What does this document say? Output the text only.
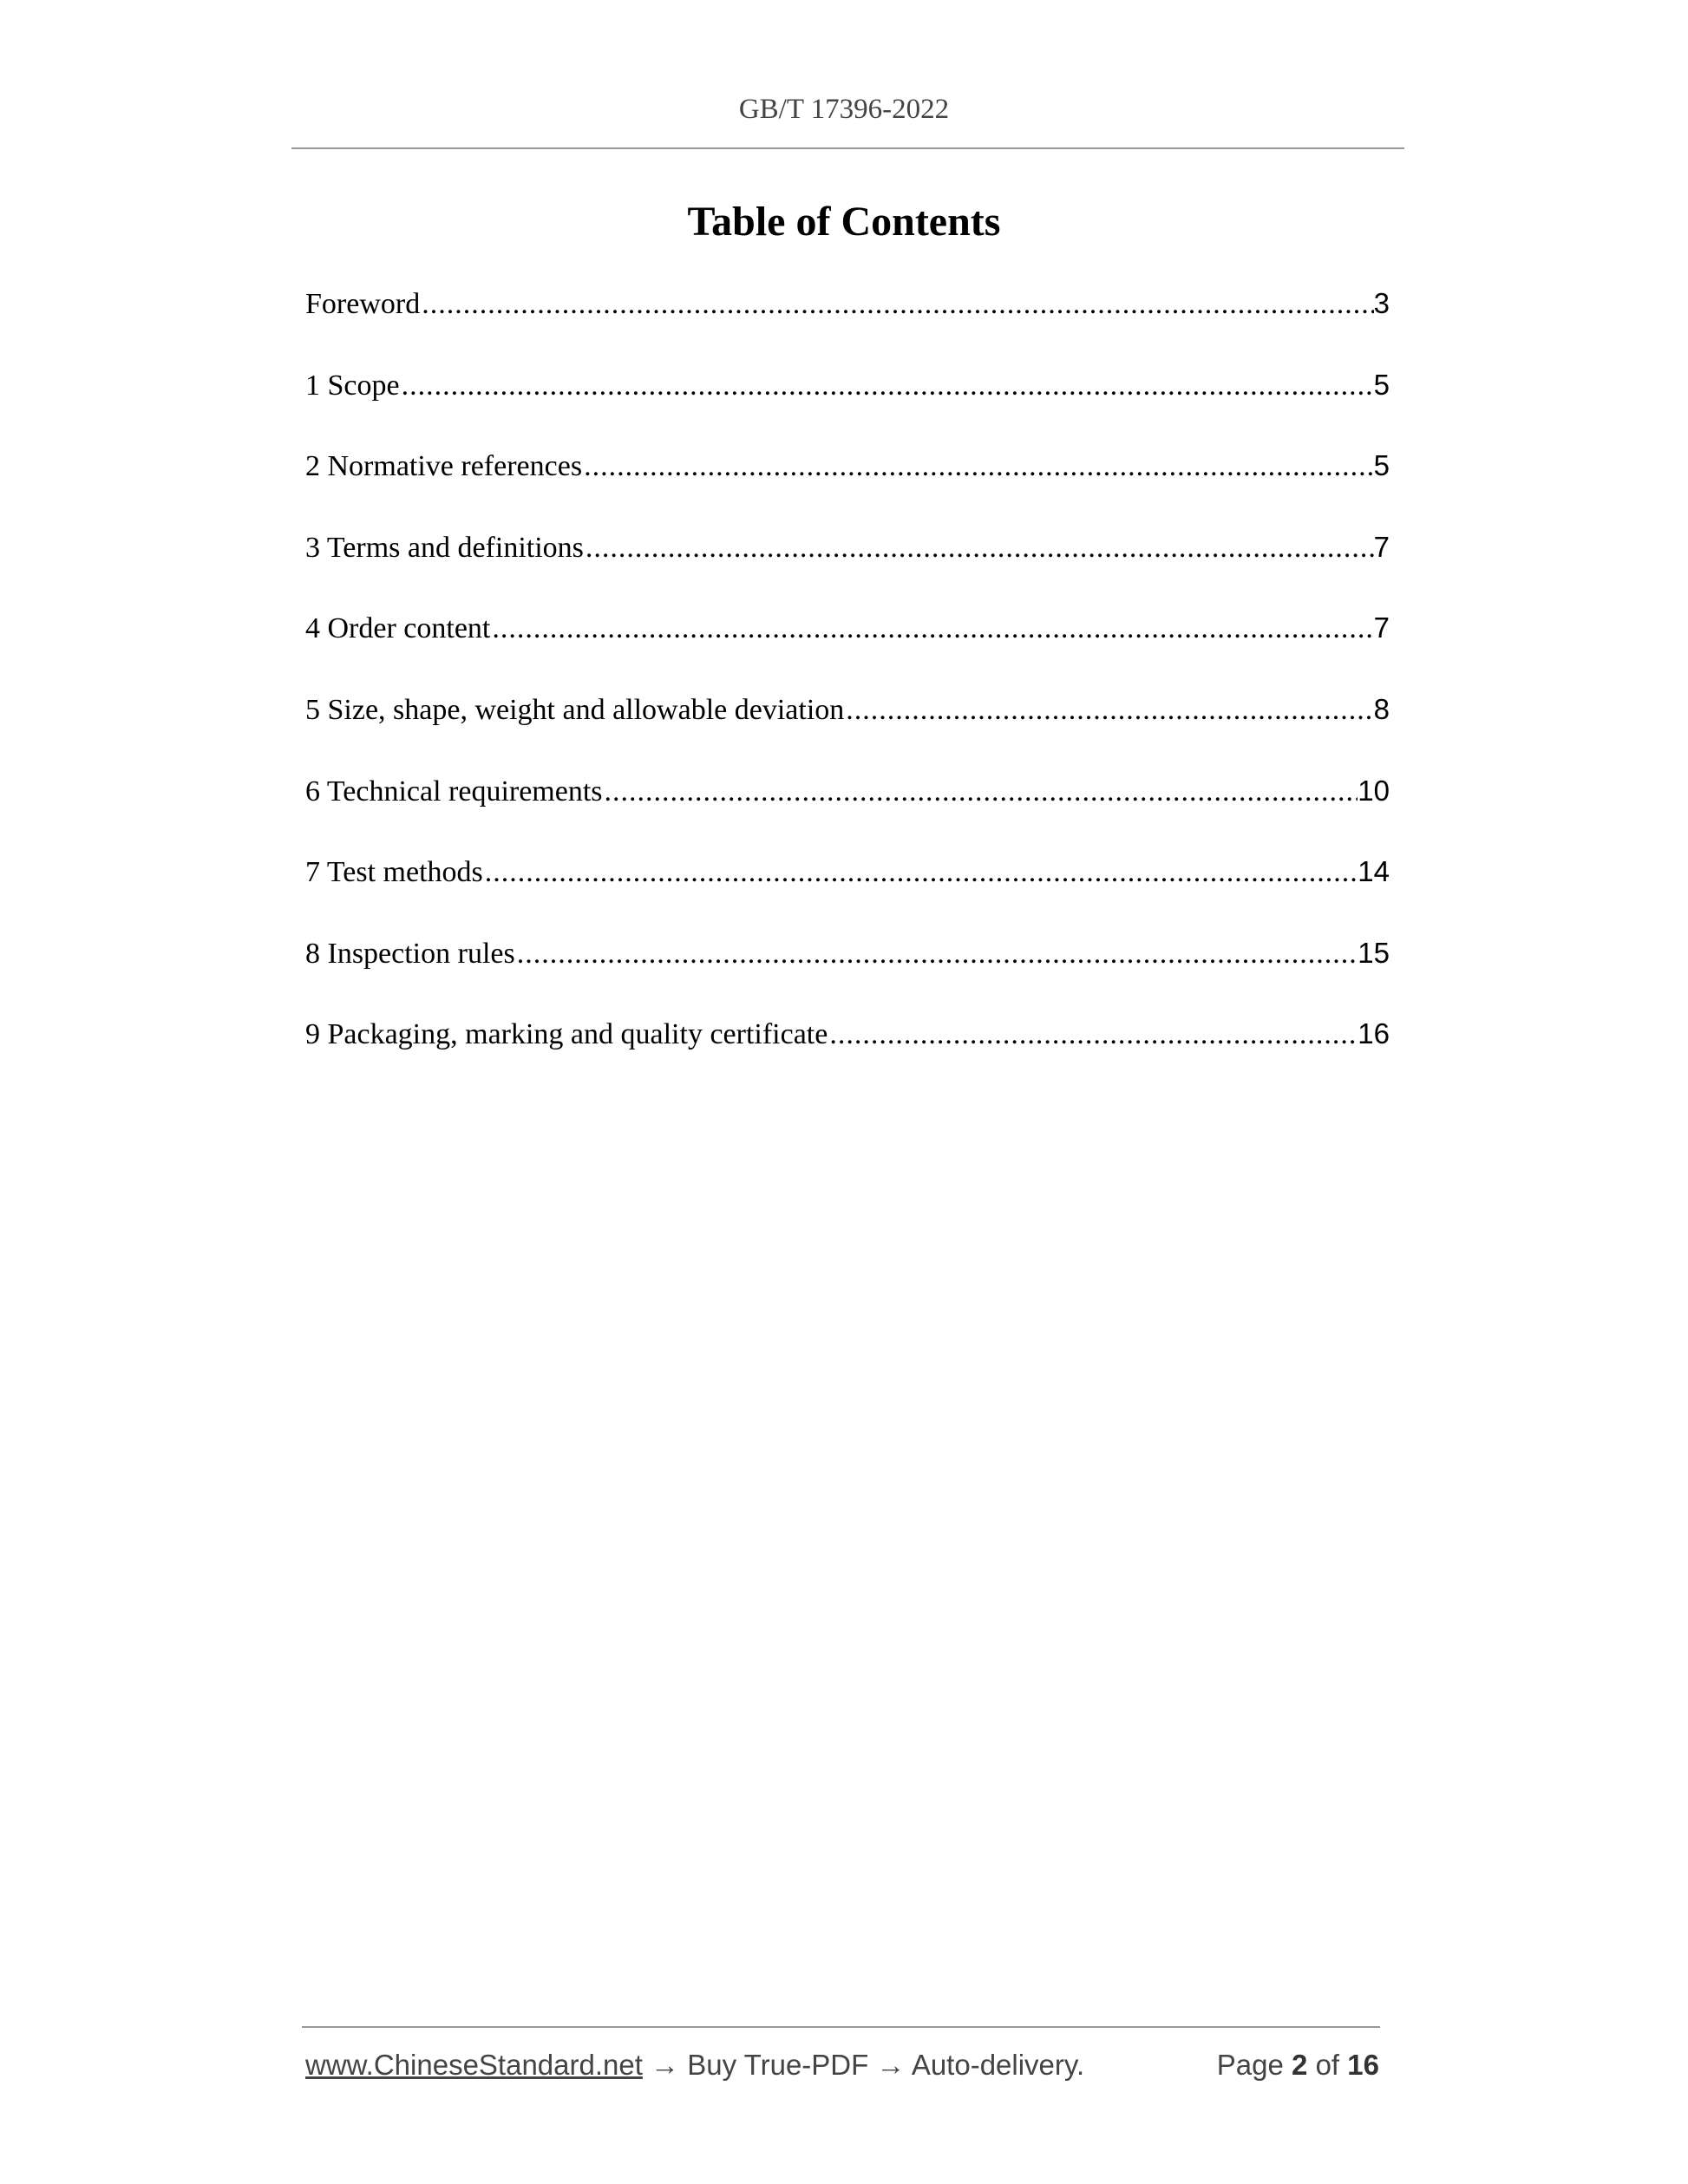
GB/T 17396-2022
Table of Contents
Foreword .....	3
1 Scope .....	5
2 Normative references .....	5
3 Terms and definitions .....	7
4 Order content .....	7
5 Size, shape, weight and allowable deviation .....	8
6 Technical requirements .....	10
7 Test methods .....	14
8 Inspection rules .....	15
9 Packaging, marking and quality certificate .....	16
www.ChineseStandard.net → Buy True-PDF → Auto-delivery.	Page 2 of 16
